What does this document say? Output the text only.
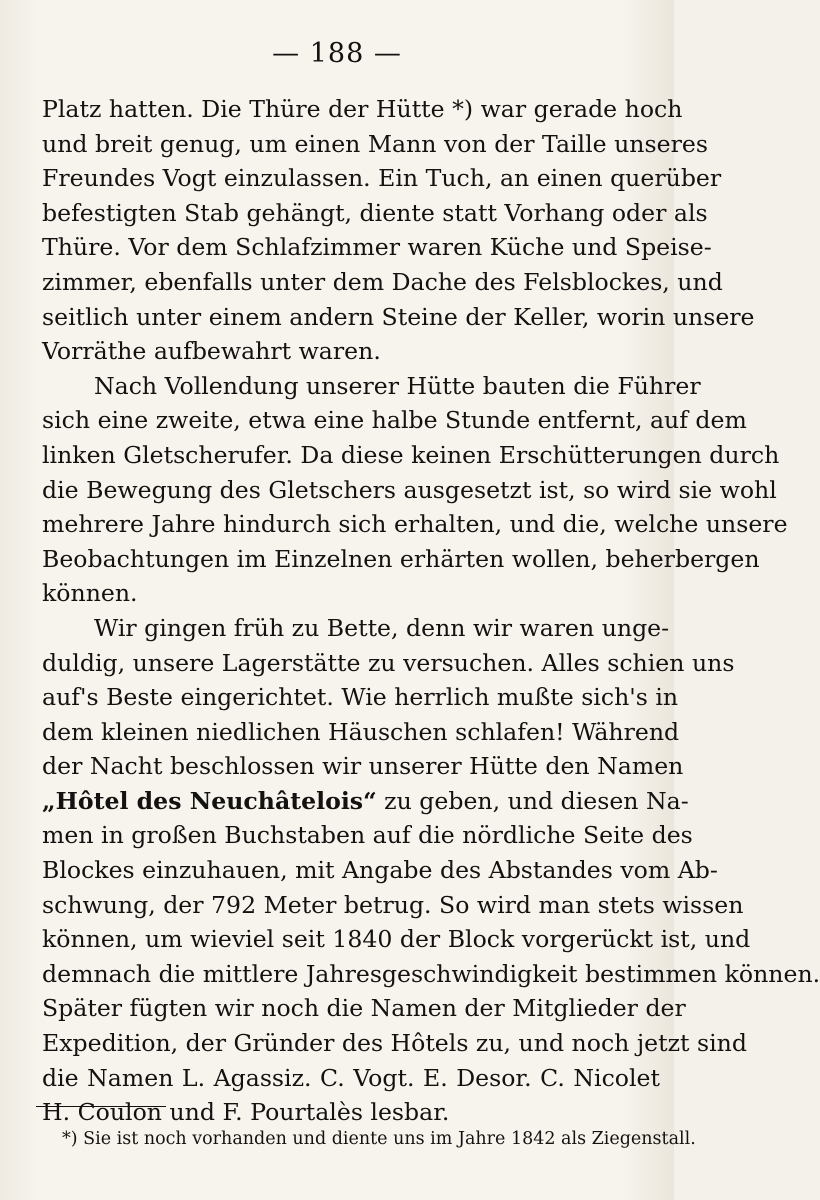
— 188 —
Platz hatten. Die Thüre der Hütte *) war gerade hoch
und breit genug, um einen Mann von der Taille unseres
Freundes Vogt einzulassen. Ein Tuch, an einen querüber
befestigten Stab gehängt, diente statt Vorhang oder als
Thüre. Vor dem Schlafzimmer waren Küche und Speise-
zimmer, ebenfalls unter dem Dache des Felsblockes, und
seitlich unter einem andern Steine der Keller, worin unsere
Vorräthe aufbewahrt waren.
Nach Vollendung unserer Hütte bauten die Führer
sich eine zweite, etwa eine halbe Stunde entfernt, auf dem
linken Gletscherufer. Da diese keinen Erschütterungen durch
die Bewegung des Gletschers ausgesetzt ist, so wird sie wohl
mehrere Jahre hindurch sich erhalten, und die, welche unsere
Beobachtungen im Einzelnen erhärten wollen, beherbergen
können.
Wir gingen früh zu Bette, denn wir waren unge-
duldig, unsere Lagerstätte zu versuchen. Alles schien uns
auf's Beste eingerichtet. Wie herrlich mußte sich's in
dem kleinen niedlichen Häuschen schlafen! Während
der Nacht beschlossen wir unserer Hütte den Namen
„Hôtel des Neuchâtelois“ zu geben, und diesen Na-
men in großen Buchstaben auf die nördliche Seite des
Blockes einzuhauen, mit Angabe des Abstandes vom Ab-
schwung, der 792 Meter betrug. So wird man stets wissen
können, um wieviel seit 1840 der Block vorgerückt ist, und
demnach die mittlere Jahresgeschwindigkeit bestimmen können.
Später fügten wir noch die Namen der Mitglieder der
Expedition, der Gründer des Hôtels zu, und noch jetzt sind
die Namen L. Agassiz. C. Vogt. E. Desor. C. Nicolet
H. Coulon und F. Pourtalès lesbar.
*) Sie ist noch vorhanden und diente uns im Jahre 1842 als Ziegenstall.
